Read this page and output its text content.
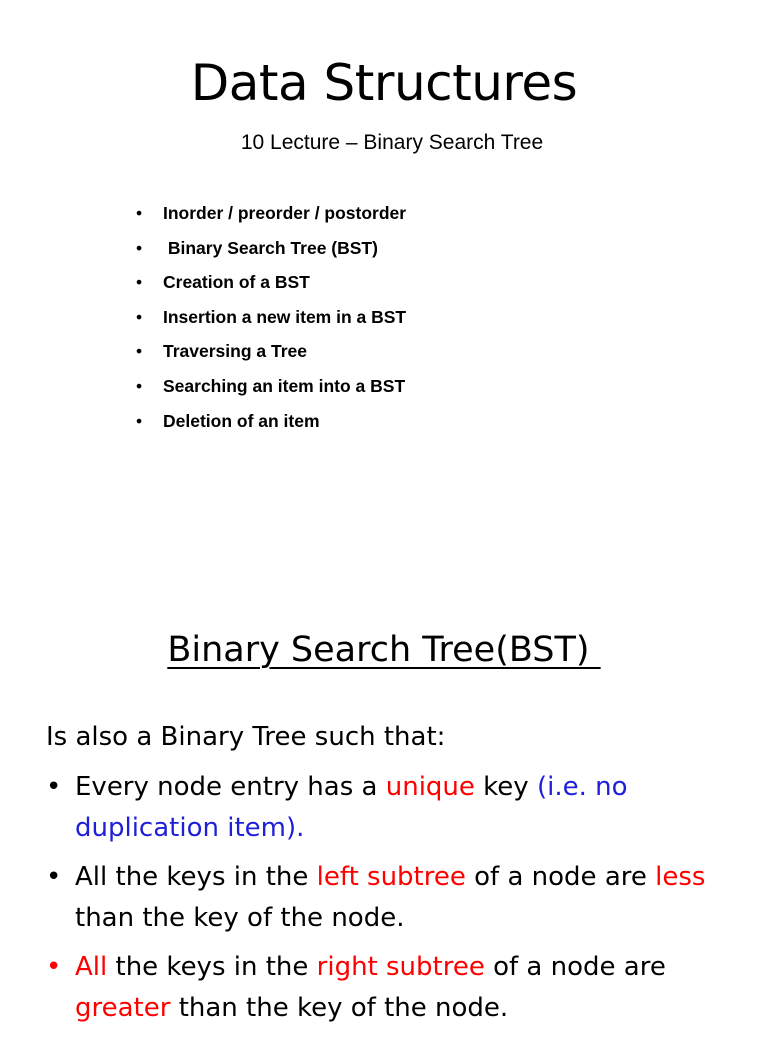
Data Structures
10 Lecture – Binary Search Tree
• Inorder / preorder / postorder
• Binary Search Tree (BST)
• Creation of a BST
• Insertion a new item in a BST
• Traversing a Tree
• Searching an item into a BST
• Deletion of an item
Binary Search Tree(BST)
Is also a Binary Tree such that:
• Every node entry has a unique key (i.e. no duplication item).
• All the keys in the left subtree of a node are less than the key of the node.
• All the keys in the right subtree of a node are greater than the key of the node.
